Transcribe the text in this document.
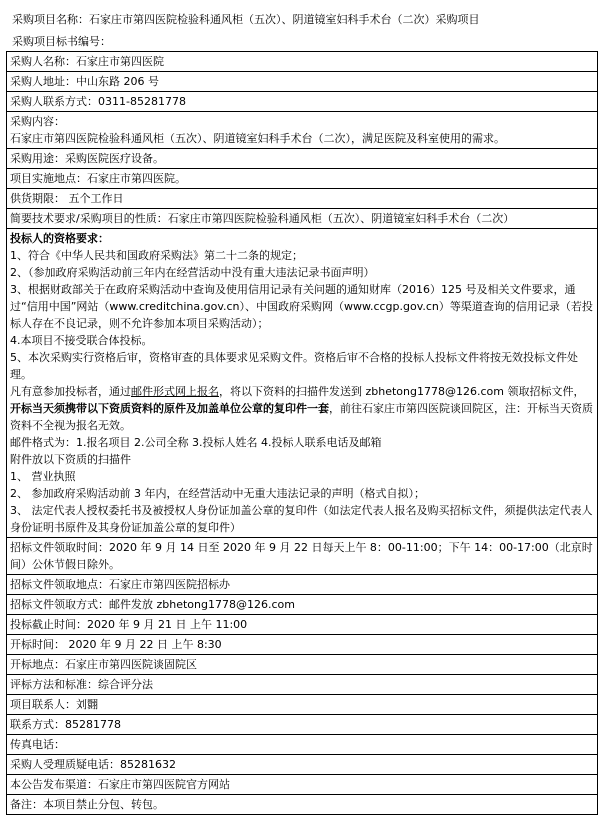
采购项目名称：石家庄市第四医院检验科通风柜（五次）、阴道镜室妇科手术台（二次）采购项目
采购项目标书编号：
采购人名称：石家庄市第四医院

采购人地址：中山东路 206 号

采购人联系方式：0311-85281778

采购内容：
石家庄市第四医院检验科通风柜（五次）、阴道镜室妇科手术台（二次），满足医院及科室使用的需求。

采购用途：采购医院医疗设备。

项目实施地点：石家庄市第四医院。

供货期限： 五个工作日

简要技术要求/采购项目的性质：石家庄市第四医院检验科通风柜（五次）、阴道镜室妇科手术台（二次）

投标人的资格要求：
1、符合《中华人民共和国政府采购法》第二十二条的规定；
2、（参加政府采购活动前三年内在经营活动中没有重大违法记录书面声明）
3、根据财政部关于在政府采购活动中查询及使用信用记录有关问题的通知财库（2016）125 号及相关文件要求，通过“信用中国”网站（www.creditchina.gov.cn）、中国政府采购网（www.ccgp.gov.cn）等渠道查询的信用记录（若投标人存在不良记录，则不允许参加本项目采购活动）；
4.本项目不接受联合体投标。
5、本次采购实行资格后审，资格审查的具体要求见采购文件。资格后审不合格的投标人投标文件将按无效投标文件处理。
凡有意参加投标者，通过邮件形式网上报名，将以下资料的扫描件发送到 zbhetong1778@126.com 领取招标文件，开标当天须携带以下资质资料的原件及加盖单位公章的复印件一套，前往石家庄市第四医院谈回院区，注：开标当天资质资料不全视为报名无效。
邮件格式为：1.报名项目 2.公司全称 3.投标人姓名 4.投标人联系电话及邮箱
附件放以下资质的扫描件
1、 营业执照
2、 参加政府采购活动前 3 年内，在经营活动中无重大违法记录的声明（格式自拟）；
3、 法定代表人授权委托书及被授权人身份证加盖公章的复印件（如法定代表人报名及购买招标文件，须提供法定代表人身份证明书原件及其身份证加盖公章的复印件）

招标文件领取时间：2020 年 9 月 14 日至 2020 年 9 月 22 日每天上午 8：00-11:00；下午 14：00-17:00（北京时间）公休节假日除外。

招标文件领取地点：石家庄市第四医院招标办

招标文件领取方式：邮件发放 zbhetong1778@126.com

投标截止时间：2020 年 9 月 21 日 上午 11:00

开标时间： 2020 年 9 月 22 日 上午 8:30

开标地点：石家庄市第四医院谈固院区

评标方法和标准：综合评分法

项目联系人：刘翾

联系方式：85281778

传真电话：

采购人受理质疑电话：85281632

本公告发布渠道：石家庄市第四医院官方网站

备注：本项目禁止分包、转包。
